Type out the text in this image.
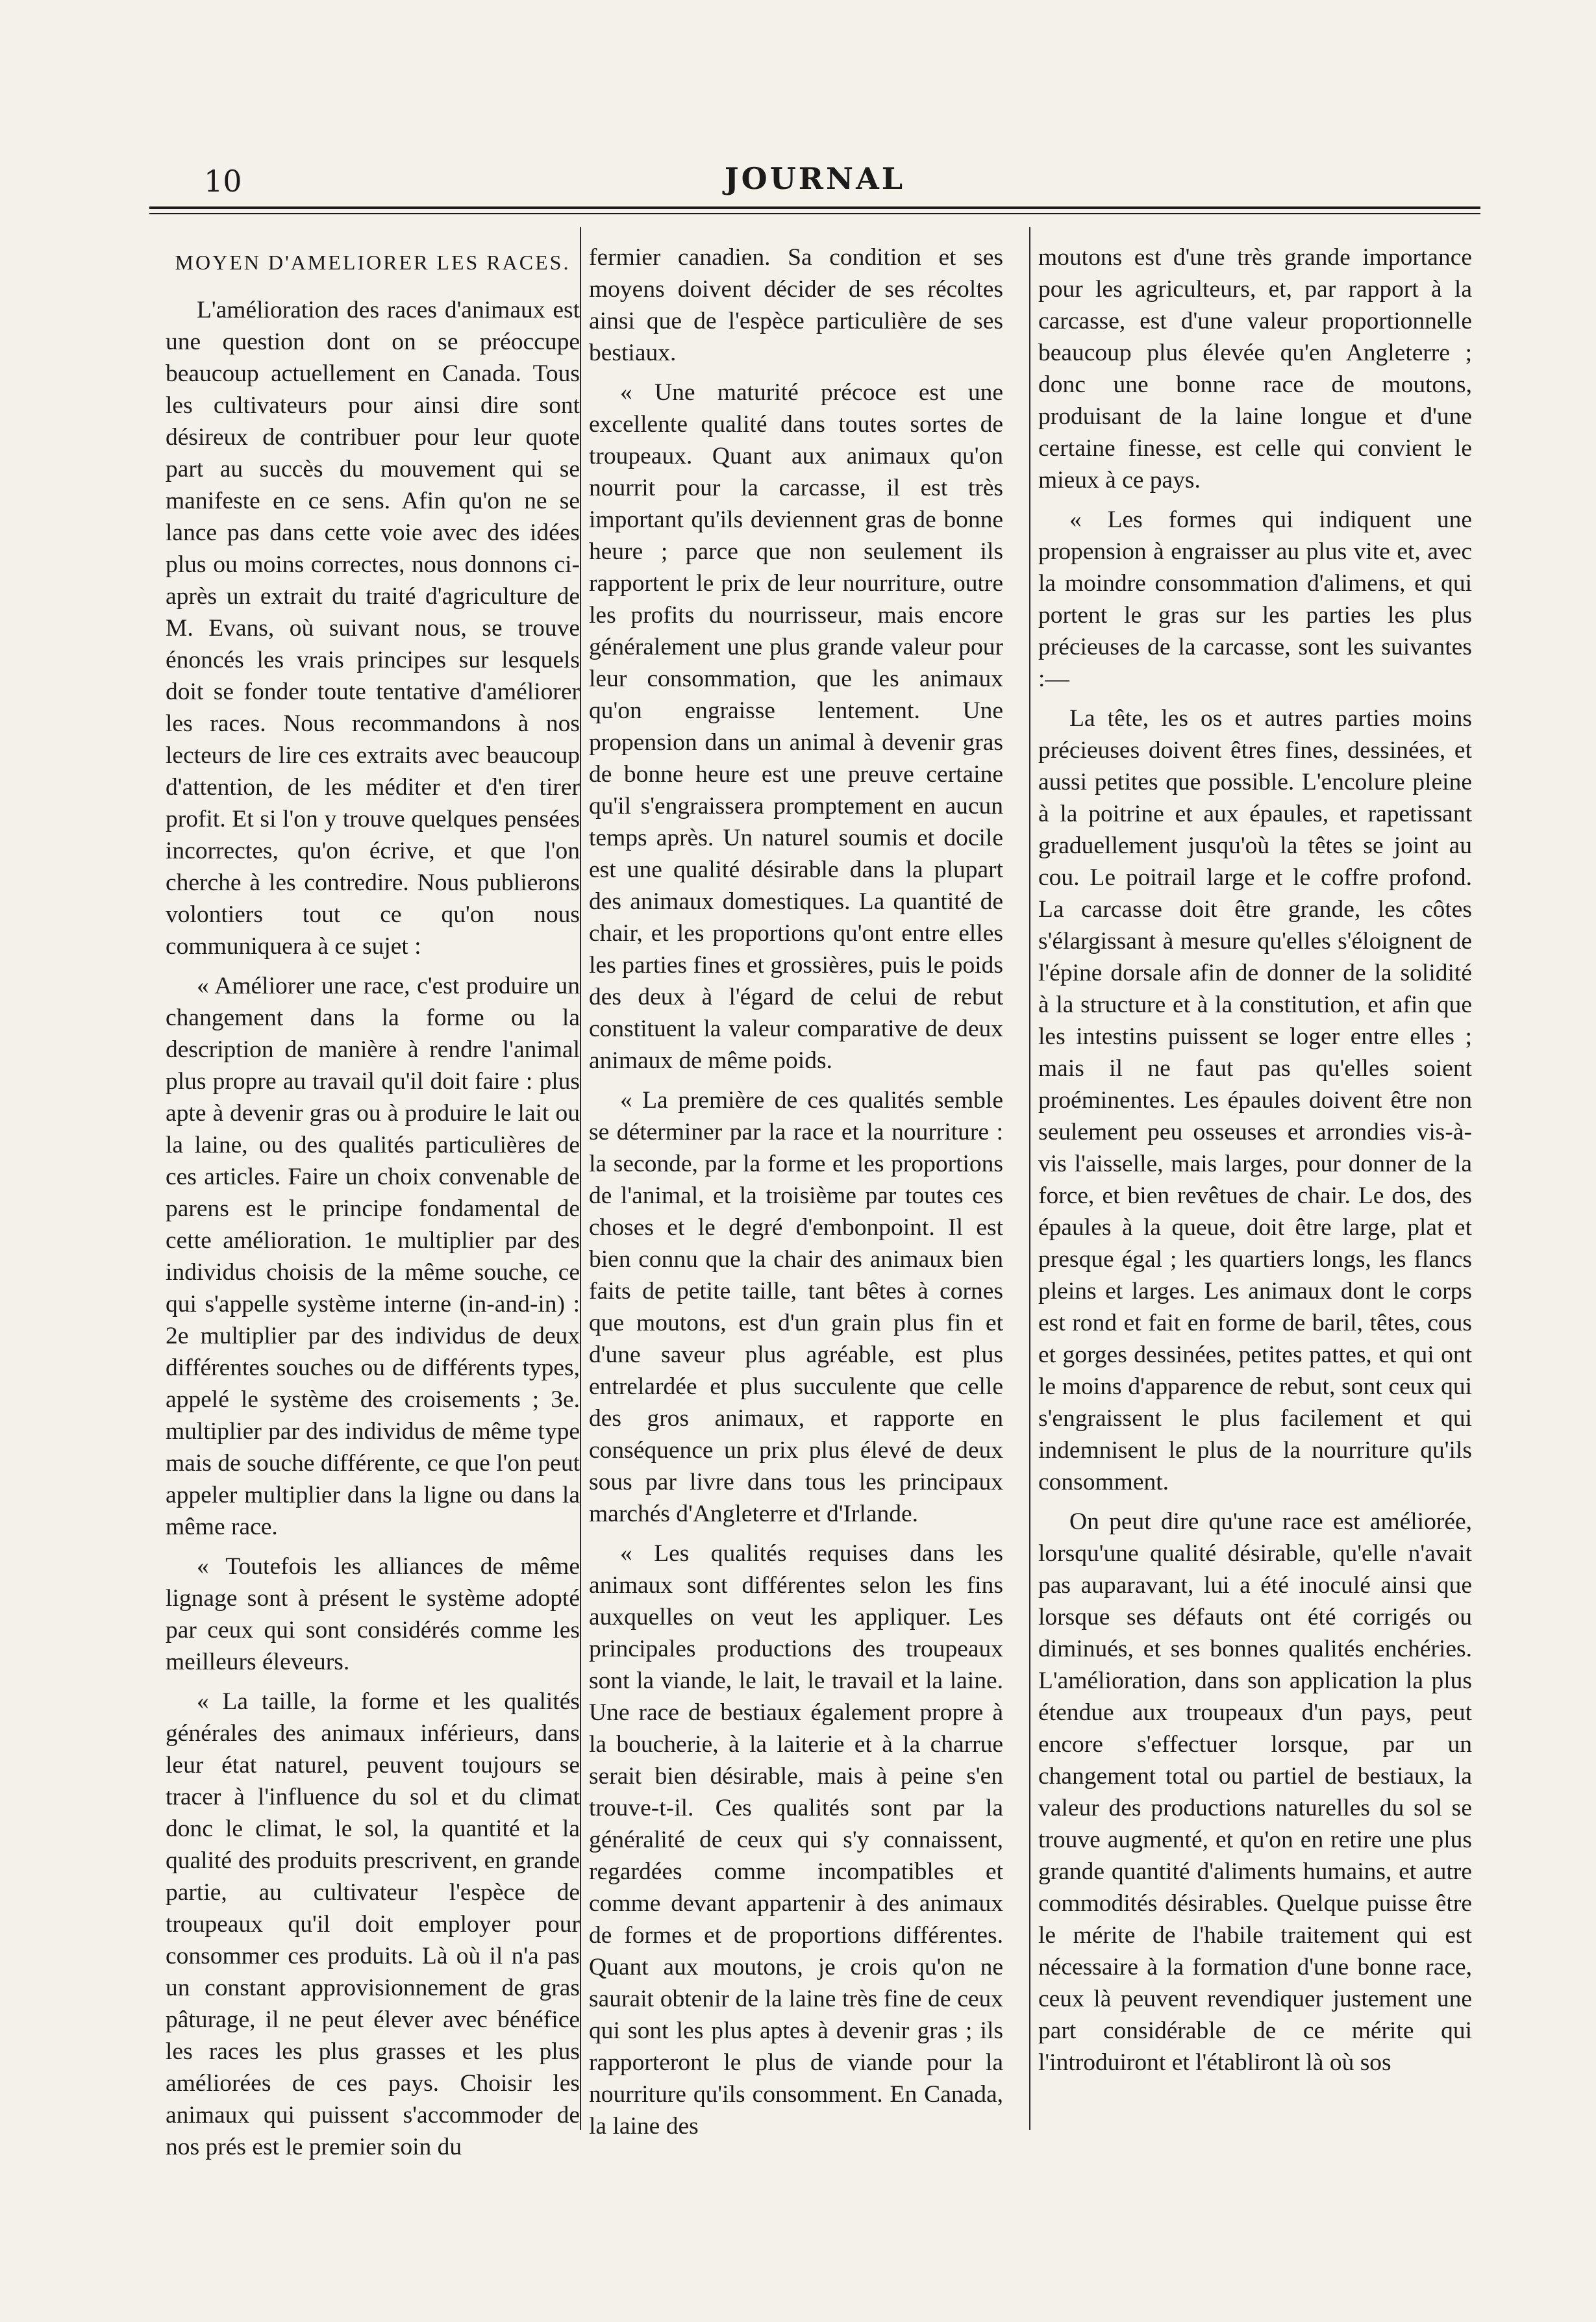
10	JOURNAL
MOYEN D'AMELIORER LES RACES.

L'amélioration des races d'animaux est une question dont on se préoccupe beaucoup actuellement en Canada. Tous les cultivateurs pour ainsi dire sont désireux de contribuer pour leur quote part au succès du mouvement qui se manifeste en ce sens. Afin qu'on ne se lance pas dans cette voie avec des idées plus ou moins correctes, nous donnons ci-après un extrait du traité d'agriculture de M. Evans, où suivant nous, se trouve énoncés les vrais principes sur lesquels doit se fonder toute tentative d'améliorer les races. Nous recommandons à nos lecteurs de lire ces extraits avec beaucoup d'attention, de les méditer et d'en tirer profit. Et si l'on y trouve quelques pensées incorrectes, qu'on écrive, et que l'on cherche à les contredire. Nous publierons volontiers tout ce qu'on nous communiquera à ce sujet :

« Améliorer une race, c'est produire un changement dans la forme ou la description de manière à rendre l'animal plus propre au travail qu'il doit faire : plus apte à devenir gras ou à produire le lait ou la laine, ou des qualités particulières de ces articles. Faire un choix convenable de parens est le principe fondamental de cette amélioration. 1e multiplier par des individus choisis de la même souche, ce qui s'appelle système interne (in-and-in) : 2e multiplier par des individus de deux différentes souches ou de différents types, appelé le système des croisements ; 3e. multiplier par des individus de même type mais de souche différente, ce que l'on peut appeler multiplier dans la ligne ou dans la même race.

« Toutefois les alliances de même lignage sont à présent le système adopté par ceux qui sont considérés comme les meilleurs éleveurs.

« La taille, la forme et les qualités générales des animaux inférieurs, dans leur état naturel, peuvent toujours se tracer à l'influence du sol et du climat donc le climat, le sol, la quantité et la qualité des produits prescrivent, en grande partie, au cultivateur l'espèce de troupeaux qu'il doit employer pour consommer ces produits. Là où il n'a pas un constant approvisionnement de gras pâturage, il ne peut élever avec bénéfice les races les plus grasses et les plus améliorées de ces pays. Choisir les animaux qui puissent s'accommoder de nos prés est le premier soin du

fermier canadien. Sa condition et ses moyens doivent décider de ses récoltes ainsi que de l'espèce particulière de ses bestiaux.

« Une maturité précoce est une excellente qualité dans toutes sortes de troupeaux. Quant aux animaux qu'on nourrit pour la carcasse, il est très important qu'ils deviennent gras de bonne heure ; parce que non seulement ils rapportent le prix de leur nourriture, outre les profits du nourrisseur, mais encore généralement une plus grande valeur pour leur consommation, que les animaux qu'on engraisse lentement. Une propension dans un animal à devenir gras de bonne heure est une preuve certaine qu'il s'engraissera promptement en aucun temps après. Un naturel soumis et docile est une qualité désirable dans la plupart des animaux domestiques. La quantité de chair, et les proportions qu'ont entre elles les parties fines et grossières, puis le poids des deux à l'égard de celui de rebut constituent la valeur comparative de deux animaux de même poids.

« La première de ces qualités semble se déterminer par la race et la nourriture : la seconde, par la forme et les proportions de l'animal, et la troisième par toutes ces choses et le degré d'embonpoint. Il est bien connu que la chair des animaux bien faits de petite taille, tant bêtes à cornes que moutons, est d'un grain plus fin et d'une saveur plus agréable, est plus entrelardée et plus succulente que celle des gros animaux, et rapporte en conséquence un prix plus élevé de deux sous par livre dans tous les principaux marchés d'Angleterre et d'Irlande.

« Les qualités requises dans les animaux sont différentes selon les fins auxquelles on veut les appliquer. Les principales productions des troupeaux sont la viande, le lait, le travail et la laine. Une race de bestiaux également propre à la boucherie, à la laiterie et à la charrue serait bien désirable, mais à peine s'en trouve-t-il. Ces qualités sont par la généralité de ceux qui s'y connaissent, regardées comme incompatibles et comme devant appartenir à des animaux de formes et de proportions différentes. Quant aux moutons, je crois qu'on ne saurait obtenir de la laine très fine de ceux qui sont les plus aptes à devenir gras ; ils rapporteront le plus de viande pour la nourriture qu'ils consomment. En Canada, la laine des

moutons est d'une très grande importance pour les agriculteurs, et, par rapport à la carcasse, est d'une valeur proportionnelle beaucoup plus élevée qu'en Angleterre ; donc une bonne race de moutons, produisant de la laine longue et d'une certaine finesse, est celle qui convient le mieux à ce pays.

« Les formes qui indiquent une propension à engraisser au plus vite et, avec la moindre consommation d'alimens, et qui portent le gras sur les parties les plus précieuses de la carcasse, sont les suivantes :—

La tête, les os et autres parties moins précieuses doivent êtres fines, dessinées, et aussi petites que possible. L'encolure pleine à la poitrine et aux épaules, et rapetissant graduellement jusqu'où la têtes se joint au cou. Le poitrail large et le coffre profond. La carcasse doit être grande, les côtes s'élargissant à mesure qu'elles s'éloignent de l'épine dorsale afin de donner de la solidité à la structure et à la constitution, et afin que les intestins puissent se loger entre elles ; mais il ne faut pas qu'elles soient proéminentes. Les épaules doivent être non seulement peu osseuses et arrondies vis-à-vis l'aisselle, mais larges, pour donner de la force, et bien revêtues de chair. Le dos, des épaules à la queue, doit être large, plat et presque égal ; les quartiers longs, les flancs pleins et larges. Les animaux dont le corps est rond et fait en forme de baril, têtes, cous et gorges dessinées, petites pattes, et qui ont le moins d'apparence de rebut, sont ceux qui s'engraissent le plus facilement et qui indemnisent le plus de la nourriture qu'ils consomment.

On peut dire qu'une race est améliorée, lorsqu'une qualité désirable, qu'elle n'avait pas auparavant, lui a été inoculé ainsi que lorsque ses défauts ont été corrigés ou diminués, et ses bonnes qualités enchéries. L'amélioration, dans son application la plus étendue aux troupeaux d'un pays, peut encore s'effectuer lorsque, par un changement total ou partiel de bestiaux, la valeur des productions naturelles du sol se trouve augmenté, et qu'on en retire une plus grande quantité d'aliments humains, et autre commodités désirables. Quelque puisse être le mérite de l'habile traitement qui est nécessaire à la formation d'une bonne race, ceux là peuvent revendiquer justement une part considérable de ce mérite qui l'introduiront et l'établiront là où sos
